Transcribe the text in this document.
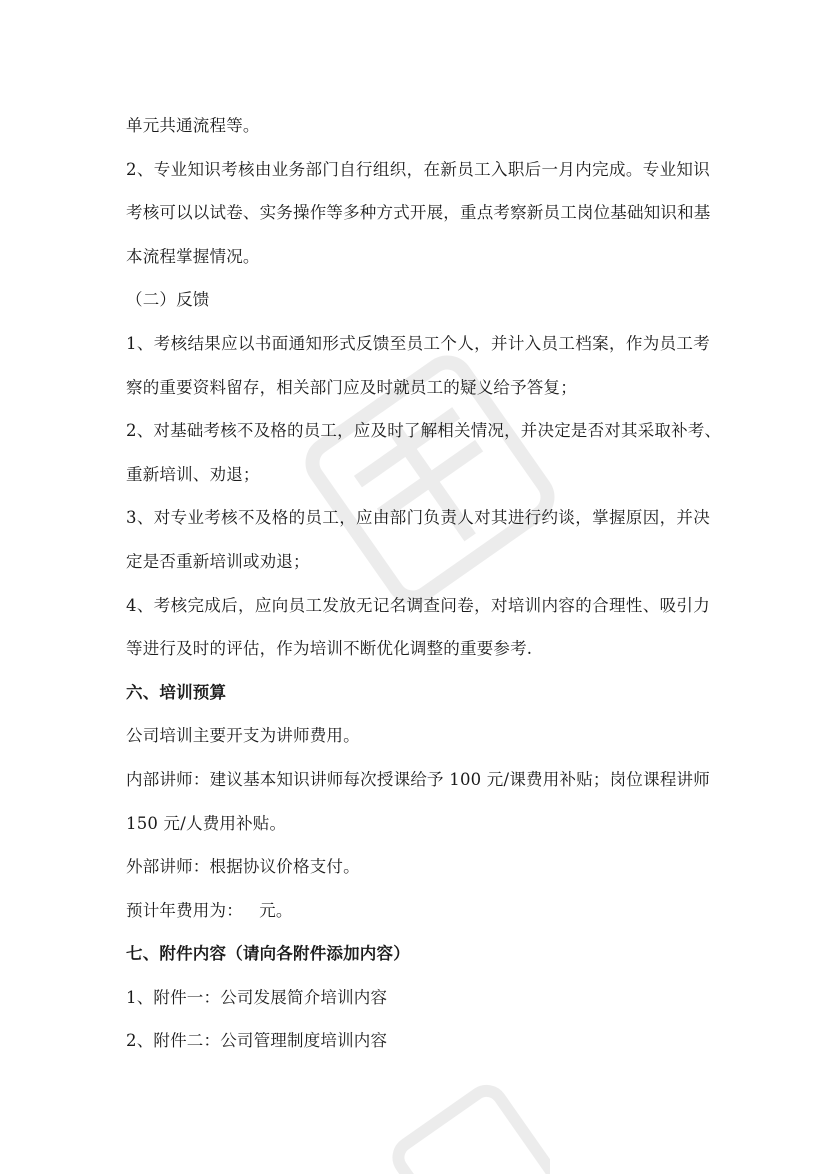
单元共通流程等。
2、专业知识考核由业务部门自行组织，在新员工入职后一月内完成。专业知识
考核可以以试卷、实务操作等多种方式开展，重点考察新员工岗位基础知识和基
本流程掌握情况。
（二）反馈
1、考核结果应以书面通知形式反馈至员工个人，并计入员工档案，作为员工考
察的重要资料留存，相关部门应及时就员工的疑义给予答复；
2、对基础考核不及格的员工，应及时了解相关情况，并决定是否对其采取补考、
重新培训、劝退；
3、对专业考核不及格的员工，应由部门负责人对其进行约谈，掌握原因，并决
定是否重新培训或劝退；
4、考核完成后，应向员工发放无记名调查问卷，对培训内容的合理性、吸引力
等进行及时的评估，作为培训不断优化调整的重要参考.
六、培训预算
公司培训主要开支为讲师费用。
内部讲师：建议基本知识讲师每次授课给予 100 元/课费用补贴；岗位课程讲师
150 元/人费用补贴。
外部讲师：根据协议价格支付。
预计年费用为：   元。
七、附件内容（请向各附件添加内容）
1、附件一：公司发展简介培训内容
2、附件二：公司管理制度培训内容
